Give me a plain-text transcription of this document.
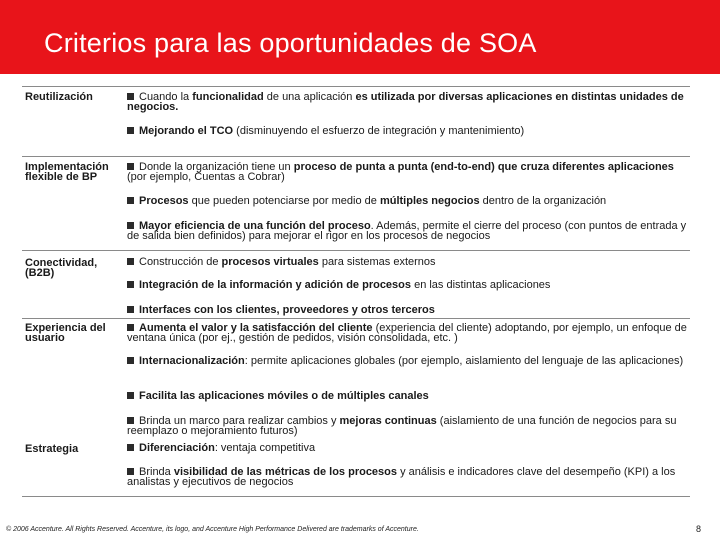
Criterios para las oportunidades de SOA
Reutilización
Implementación flexible de BP
Conectividad, (B2B)
Experiencia del usuario
Estrategia
Cuando la funcionalidad de una aplicación es utilizada por diversas aplicaciones en distintas unidades de negocios.
Mejorando el TCO (disminuyendo el esfuerzo de integración y mantenimiento)
Donde la organización tiene un proceso de punta a punta (end-to-end) que cruza diferentes aplicaciones (por ejemplo, Cuentas a Cobrar)
Procesos que pueden potenciarse por medio de múltiples negocios dentro de la organización
Mayor eficiencia de una función del proceso. Además, permite el cierre del proceso (con puntos de entrada y de salida bien definidos) para mejorar el rigor en los procesos de negocios
Construcción de procesos virtuales para sistemas externos
Integración de la información y adición de procesos en las distintas aplicaciones
Interfaces con los clientes, proveedores y otros terceros
Aumenta el valor y la satisfacción del cliente (experiencia del cliente) adoptando, por ejemplo, un enfoque de ventana única (por ej., gestión de pedidos, visión consolidada, etc. )
Internacionalización: permite aplicaciones globales (por ejemplo, aislamiento del lenguaje de las aplicaciones)
Facilita las aplicaciones móviles o de múltiples canales
Brinda un marco para realizar cambios y mejoras continuas (aislamiento de una función de negocios para su reemplazo o mejoramiento futuros)
Diferenciación: ventaja competitiva
Brinda visibilidad de las métricas de los procesos y análisis e indicadores clave del desempeño (KPI) a los analistas y ejecutivos de negocios
© 2006 Accenture. All Rights Reserved. Accenture, its logo, and Accenture High Performance Delivered are trademarks of Accenture.	8
